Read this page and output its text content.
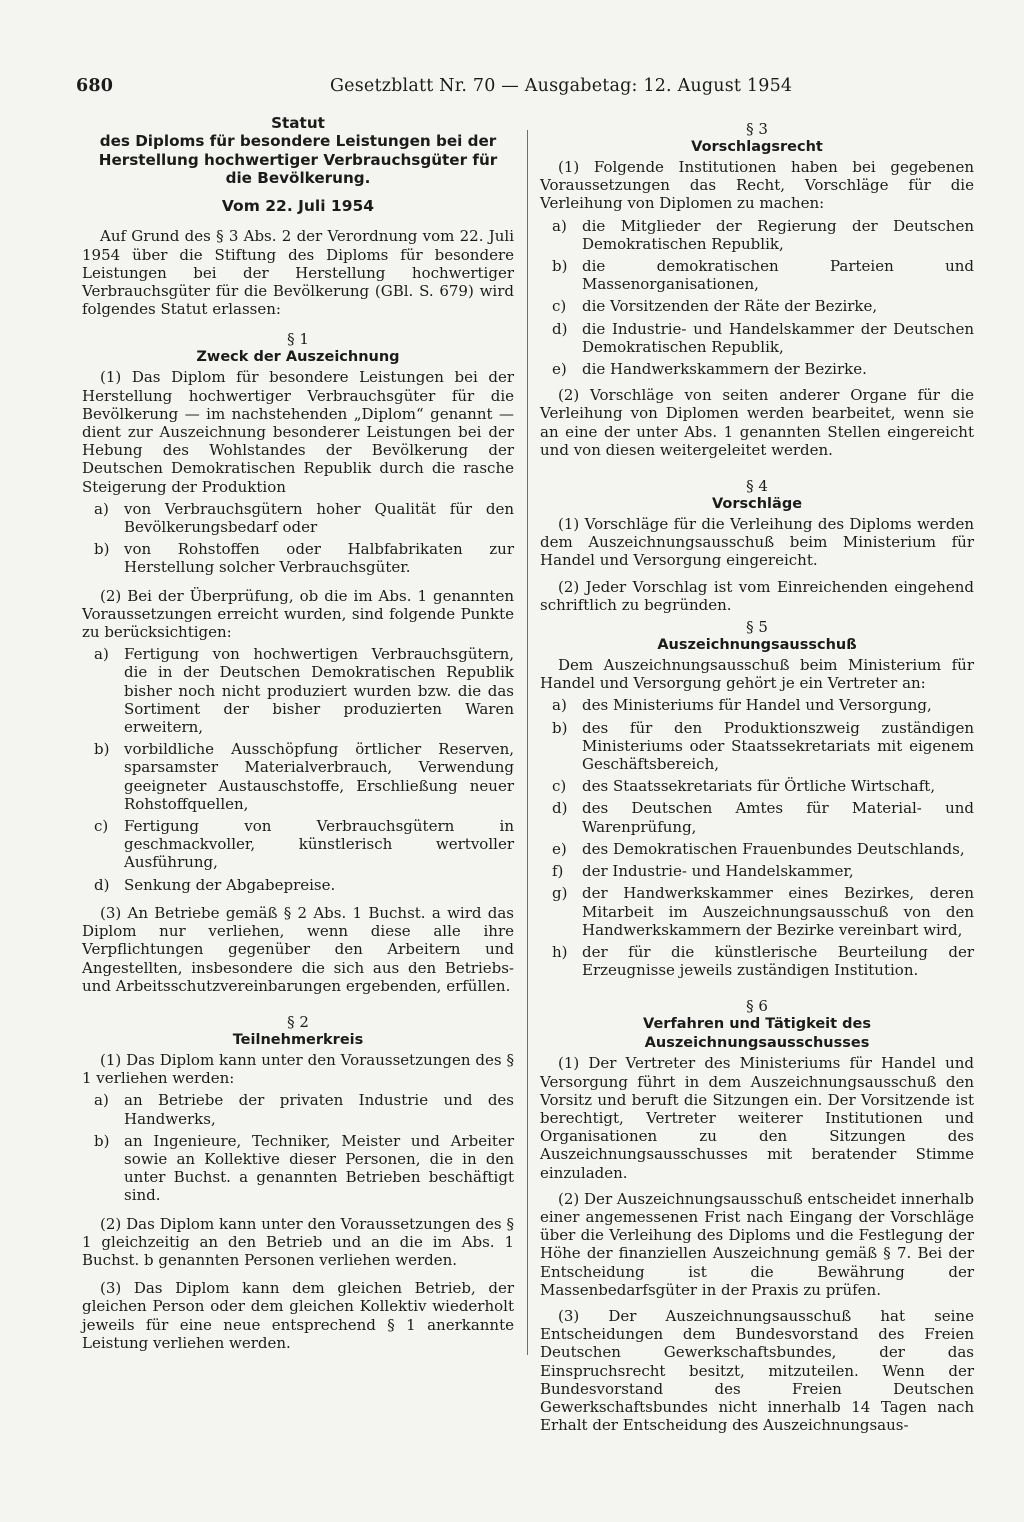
680	Gesetzblatt Nr. 70 — Ausgabetag: 12. August 1954
Statut
des Diploms für besondere Leistungen bei der Herstellung hochwertiger Verbrauchsgüter für die Bevölkerung.
Vom 22. Juli 1954

Auf Grund des § 3 Abs. 2 der Verordnung vom 22. Juli 1954 über die Stiftung des Diploms für besondere Leistungen bei der Herstellung hochwertiger Verbrauchsgüter für die Bevölkerung (GBl. S. 679) wird folgendes Statut erlassen:

§ 1
Zweck der Auszeichnung

(1) Das Diplom für besondere Leistungen bei der Herstellung hochwertiger Verbrauchsgüter für die Bevölkerung — im nachstehenden „Diplom“ genannt — dient zur Auszeichnung besonderer Leistungen bei der Hebung des Wohlstandes der Bevölkerung der Deutschen Demokratischen Republik durch die rasche Steigerung der Produktion

a) von Verbrauchsgütern hoher Qualität für den Bevölkerungsbedarf oder
b) von Rohstoffen oder Halbfabrikaten zur Herstellung solcher Verbrauchsgüter.

(2) Bei der Überprüfung, ob die im Abs. 1 genannten Voraussetzungen erreicht wurden, sind folgende Punkte zu berücksichtigen:

a) Fertigung von hochwertigen Verbrauchsgütern, die in der Deutschen Demokratischen Republik bisher noch nicht produziert wurden bzw. die das Sortiment der bisher produzierten Waren erweitern,
b) vorbildliche Ausschöpfung örtlicher Reserven, sparsamster Materialverbrauch, Verwendung geeigneter Austauschstoffe, Erschließung neuer Rohstoffquellen,
c) Fertigung von Verbrauchsgütern in geschmackvoller, künstlerisch wertvoller Ausführung,
d) Senkung der Abgabepreise.

(3) An Betriebe gemäß § 2 Abs. 1 Buchst. a wird das Diplom nur verliehen, wenn diese alle ihre Verpflichtungen gegenüber den Arbeitern und Angestellten, insbesondere die sich aus den Betriebs- und Arbeitsschutzvereinbarungen ergebenden, erfüllen.

§ 2
Teilnehmerkreis

(1) Das Diplom kann unter den Voraussetzungen des § 1 verliehen werden:

a) an Betriebe der privaten Industrie und des Handwerks,
b) an Ingenieure, Techniker, Meister und Arbeiter sowie an Kollektive dieser Personen, die in den unter Buchst. a genannten Betrieben beschäftigt sind.

(2) Das Diplom kann unter den Voraussetzungen des § 1 gleichzeitig an den Betrieb und an die im Abs. 1 Buchst. b genannten Personen verliehen werden.

(3) Das Diplom kann dem gleichen Betrieb, der gleichen Person oder dem gleichen Kollektiv wiederholt jeweils für eine neue entsprechend § 1 anerkannte Leistung verliehen werden.

§ 3
Vorschlagsrecht

(1) Folgende Institutionen haben bei gegebenen Voraussetzungen das Recht, Vorschläge für die Verleihung von Diplomen zu machen:

a) die Mitglieder der Regierung der Deutschen Demokratischen Republik,
b) die demokratischen Parteien und Massenorganisationen,
c) die Vorsitzenden der Räte der Bezirke,
d) die Industrie- und Handelskammer der Deutschen Demokratischen Republik,
e) die Handwerkskammern der Bezirke.

(2) Vorschläge von seiten anderer Organe für die Verleihung von Diplomen werden bearbeitet, wenn sie an eine der unter Abs. 1 genannten Stellen eingereicht und von diesen weitergeleitet werden.

§ 4
Vorschläge

(1) Vorschläge für die Verleihung des Diploms werden dem Auszeichnungsausschuß beim Ministerium für Handel und Versorgung eingereicht.

(2) Jeder Vorschlag ist vom Einreichenden eingehend schriftlich zu begründen.

§ 5
Auszeichnungsausschuß

Dem Auszeichnungsausschuß beim Ministerium für Handel und Versorgung gehört je ein Vertreter an:

a) des Ministeriums für Handel und Versorgung,
b) des für den Produktionszweig zuständigen Ministeriums oder Staatssekretariats mit eigenem Geschäftsbereich,
c) des Staatssekretariats für Örtliche Wirtschaft,
d) des Deutschen Amtes für Material- und Warenprüfung,
e) des Demokratischen Frauenbundes Deutschlands,
f) der Industrie- und Handelskammer,
g) der Handwerkskammer eines Bezirkes, deren Mitarbeit im Auszeichnungsausschuß von den Handwerkskammern der Bezirke vereinbart wird,
h) der für die künstlerische Beurteilung der Erzeugnisse jeweils zuständigen Institution.
§ 6
Verfahren und Tätigkeit des Auszeichnungsausschusses

(1) Der Vertreter des Ministeriums für Handel und Versorgung führt in dem Auszeichnungsausschuß den Vorsitz und beruft die Sitzungen ein. Der Vorsitzende ist berechtigt, Vertreter weiterer Institutionen und Organisationen zu den Sitzungen des Auszeichnungsausschusses mit beratender Stimme einzuladen.

(2) Der Auszeichnungsausschuß entscheidet innerhalb einer angemessenen Frist nach Eingang der Vorschläge über die Verleihung des Diploms und die Festlegung der Höhe der finanziellen Auszeichnung gemäß § 7. Bei der Entscheidung ist die Bewährung der Massenbedarfsgüter in der Praxis zu prüfen.

(3) Der Auszeichnungsausschuß hat seine Entscheidungen dem Bundesvorstand des Freien Deutschen Gewerkschaftsbundes, der das Einspruchsrecht besitzt, mitzuteilen. Wenn der Bundesvorstand des Freien Deutschen Gewerkschaftsbundes nicht innerhalb 14 Tagen nach Erhalt der Entscheidung des Auszeichnungsaus-
